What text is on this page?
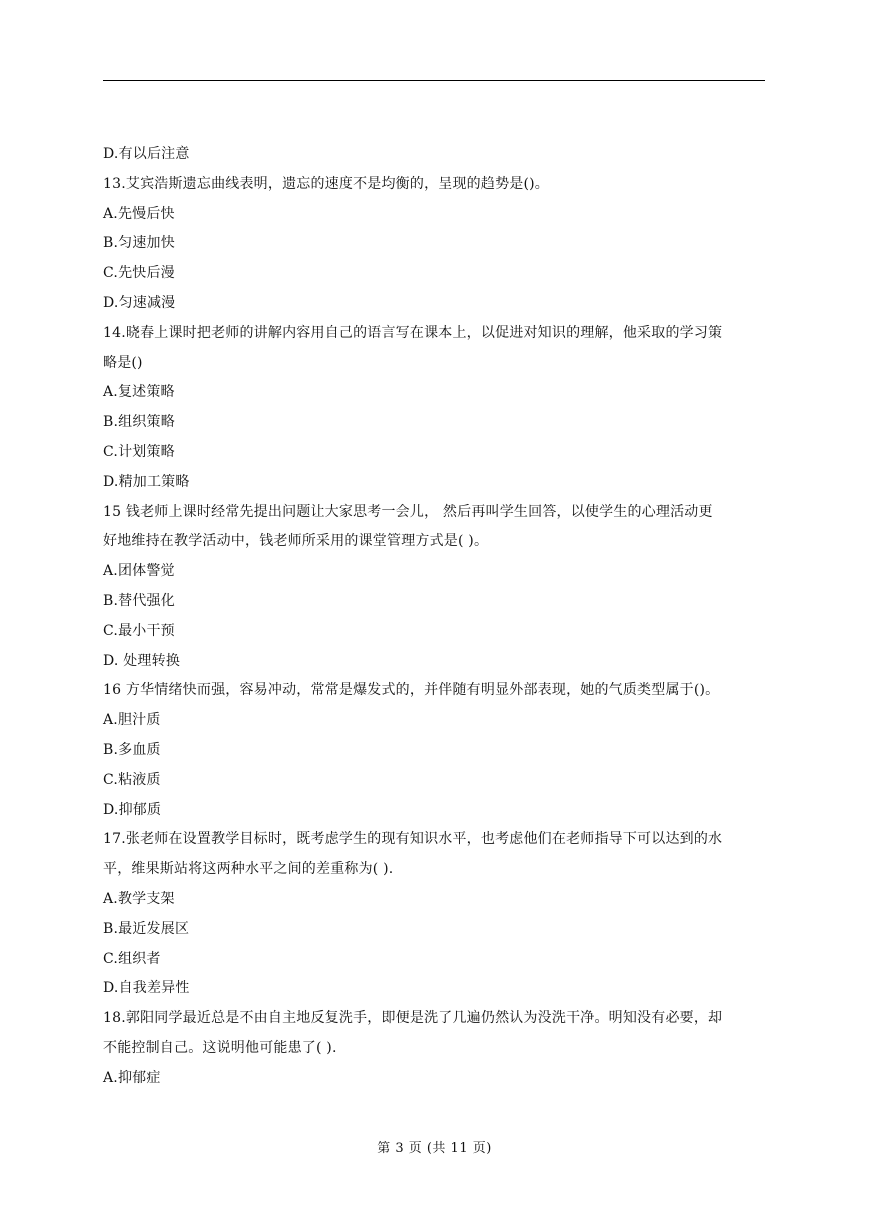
D.有以后注意
13.艾宾浩斯遗忘曲线表明，遗忘的速度不是均衡的，呈现的趋势是()。
A.先慢后快
B.匀速加快
C.先快后漫
D.匀速减漫
14.晓春上课时把老师的讲解内容用自己的语言写在课本上，以促进对知识的理解，他采取的学习策
略是()
A.复述策略
B.组织策略
C.计划策略
D.精加工策略
15 钱老师上课时经常先提出问题让大家思考一会儿， 然后再叫学生回答，以使学生的心理活动更
好地维持在教学活动中，钱老师所采用的课堂管理方式是( )。
A.团体警觉
B.替代强化
C.最小干预
D. 处理转换
16 方华情绪快而强，容易冲动，常常是爆发式的，并伴随有明显外部表现，她的气质类型属于()。
A.胆汁质
B.多血质
C.粘液质
D.抑郁质
17.张老师在设置教学目标时，既考虑学生的现有知识水平，也考虑他们在老师指导下可以达到的水
平，维果斯站将这两种水平之间的差重称为( ).
A.教学支架
B.最近发展区
C.组织者
D.自我差异性
18.郭阳同学最近总是不由自主地反复洗手，即便是洗了几遍仍然认为没洗干净。明知没有必要，却
不能控制自己。这说明他可能患了( ).
A.抑郁症
第 3 页 (共 11 页)
